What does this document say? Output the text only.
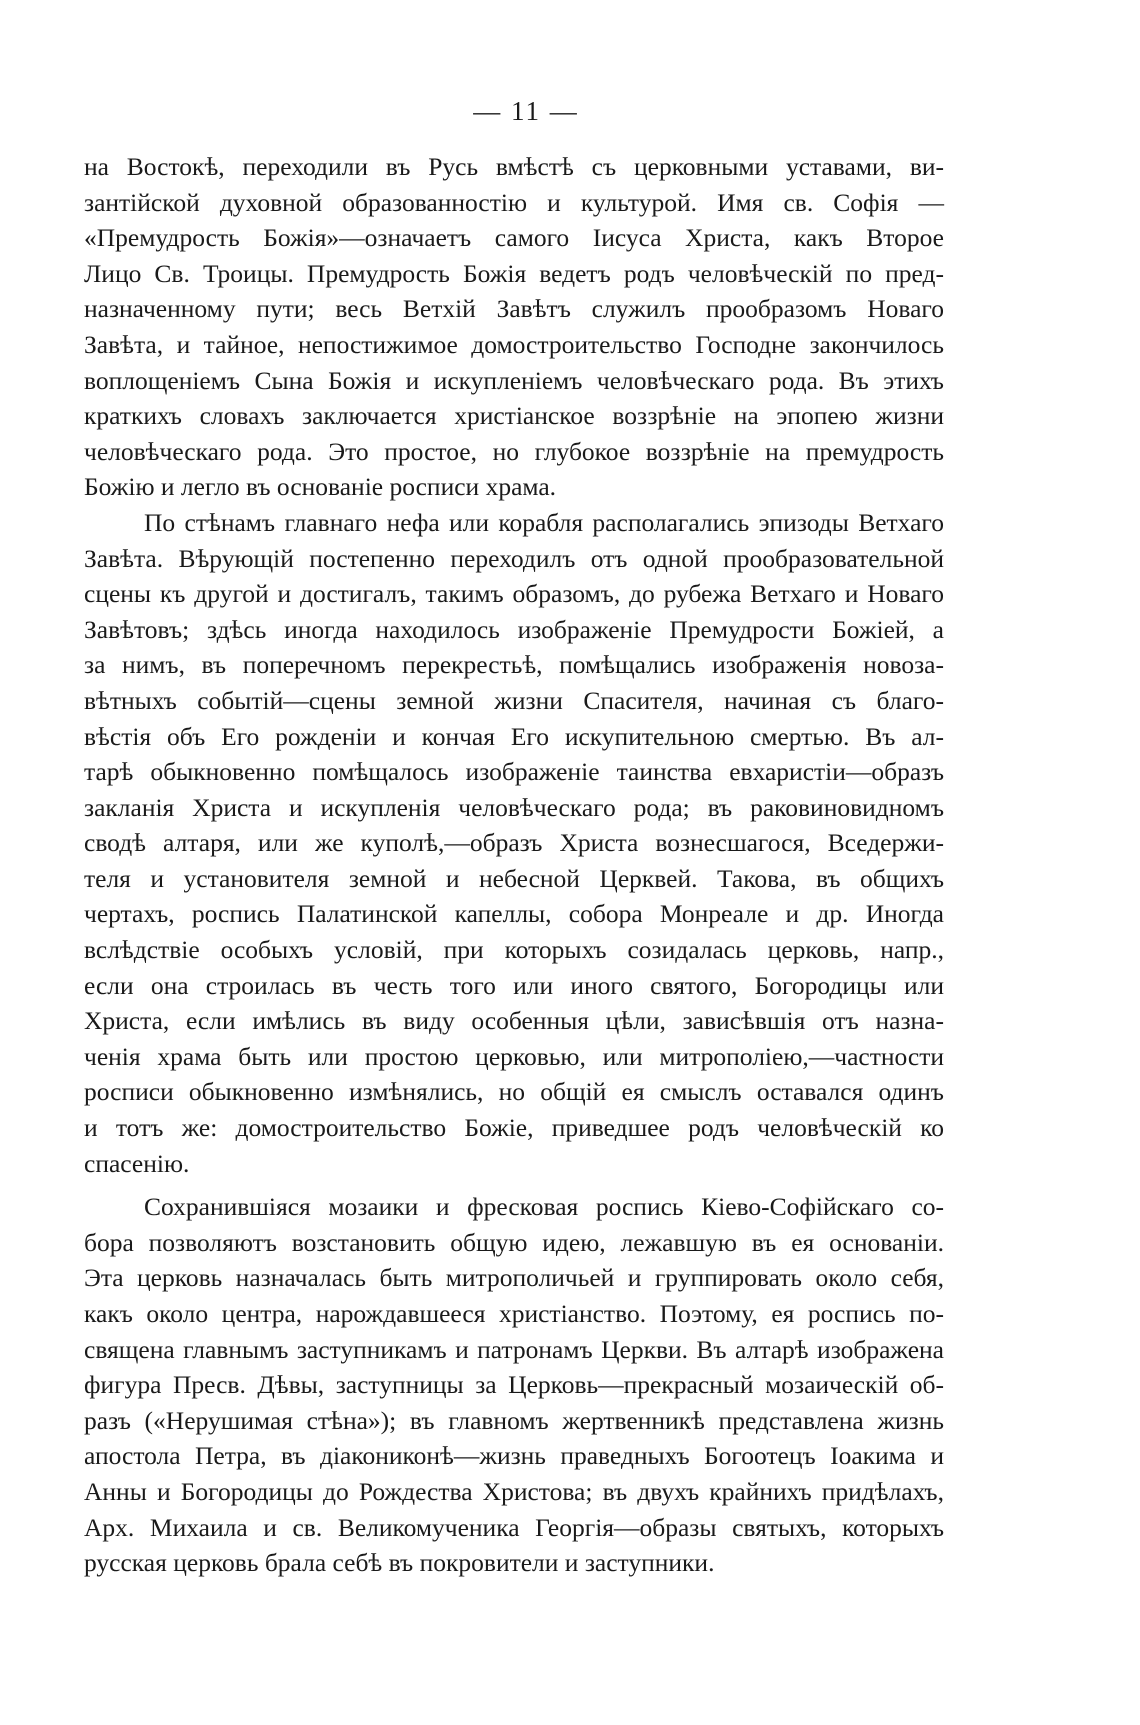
— 11 —

на Востокѣ, переходили въ Русь вмѣстѣ съ церковными уставами, ви-
зантійской духовной образованностію и культурой. Имя св. Софія —
«Премудрость Божія»—означаетъ самого Іисуса Христа, какъ Второе
Лицо Св. Троицы. Премудрость Божія ведетъ родъ человѣческій по пред-
назначенному пути; весь Ветхій Завѣтъ служилъ прообразомъ Новаго
Завѣта, и тайное, непостижимое домостроительство Господне закончилось
воплощеніемъ Сына Божія и искупленіемъ человѣческаго рода. Въ этихъ
краткихъ словахъ заключается христіанское воззрѣніе на эпопею жизни
человѣческаго рода. Это простое, но глубокое воззрѣніе на премудрость
Божію и легло въ основаніе росписи храма.

По стѣнамъ главнаго нефа или корабля располагались эпизоды Ветхаго
Завѣта. Вѣрующій постепенно переходилъ отъ одной прообразовательной
сцены къ другой и достигалъ, такимъ образомъ, до рубежа Ветхаго и Новаго
Завѣтовъ; здѣсь иногда находилось изображеніе Премудрости Божіей, а
за нимъ, въ поперечномъ перекрестьѣ, помѣщались изображенія новоза-
вѣтныхъ событій—сцены земной жизни Спасителя, начиная съ благо-
вѣстія объ Его рожденіи и кончая Его искупительною смертью. Въ ал-
тарѣ обыкновенно помѣщалось изображеніе таинства евхаристіи—образъ
закланія Христа и искупленія человѣческаго рода; въ раковиновидномъ
сводѣ алтаря, или же куполѣ,—образъ Христа вознесшагося, Вседержи-
теля и установителя земной и небесной Церквей. Такова, въ общихъ
чертахъ, роспись Палатинской капеллы, собора Монреале и др. Иногда
вслѣдствіе особыхъ условій, при которыхъ созидалась церковь, напр.,
если она строилась въ честь того или иного святого, Богородицы или
Христа, если имѣлись въ виду особенныя цѣли, зависѣвшія отъ назна-
ченія храма быть или простою церковью, или митрополіею,—частности
росписи обыкновенно измѣнялись, но общій ея смыслъ оставался одинъ
и тотъ же: домостроительство Божіе, приведшее родъ человѣческій ко
спасенію.

Сохранившіяся мозаики и фресковая роспись Кіево-Софійскаго со-
бора позволяютъ возстановить общую идею, лежавшую въ ея основаніи.
Эта церковь назначалась быть митрополичьей и группировать около себя,
какъ около центра, нарождавшееся христіанство. Поэтому, ея роспись по-
священа главнымъ заступникамъ и патронамъ Церкви. Въ алтарѣ изображена
фигура Пресв. Дѣвы, заступницы за Церковь—прекрасный мозаическій об-
разъ («Нерушимая стѣна»); въ главномъ жертвенникѣ представлена жизнь
апостола Петра, въ діакониконѣ—жизнь праведныхъ Богоотецъ Іоакима и
Анны и Богородицы до Рождества Христова; въ двухъ крайнихъ придѣлахъ,
Арх. Михаила и св. Великомученика Георгія—образы святыхъ, которыхъ
русская церковь брала себѣ въ покровители и заступники.
